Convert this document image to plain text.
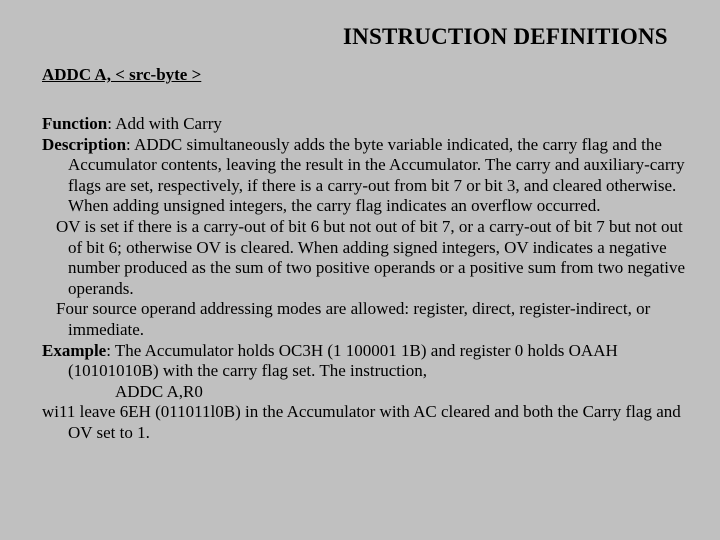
INSTRUCTION DEFINITIONS
ADDC A, < src-byte >

Function: Add with Carry

Description: ADDC simultaneously adds the byte variable indicated, the carry flag and the Accumulator contents, leaving the result in the Accumulator. The carry and auxiliary-carry flags are set, respectively, if there is a carry-out from bit 7 or bit 3, and cleared otherwise. When adding unsigned integers, the carry flag indicates an overflow occurred.

OV is set if there is a carry-out of bit 6 but not out of bit 7, or a carry-out of bit 7 but not out of bit 6; otherwise OV is cleared. When adding signed integers, OV indicates a negative number produced as the sum of two positive operands or a positive sum from two negative operands.

Four source operand addressing modes are allowed: register, direct, register-indirect, or immediate.

Example: The Accumulator holds OC3H (1 100001 1B) and register 0 holds OAAH (10101010B) with the carry flag set. The instruction,

ADDC A,R0

wi11 leave 6EH (011011l0B) in the Accumulator with AC cleared and both the Carry flag and OV set to 1.
